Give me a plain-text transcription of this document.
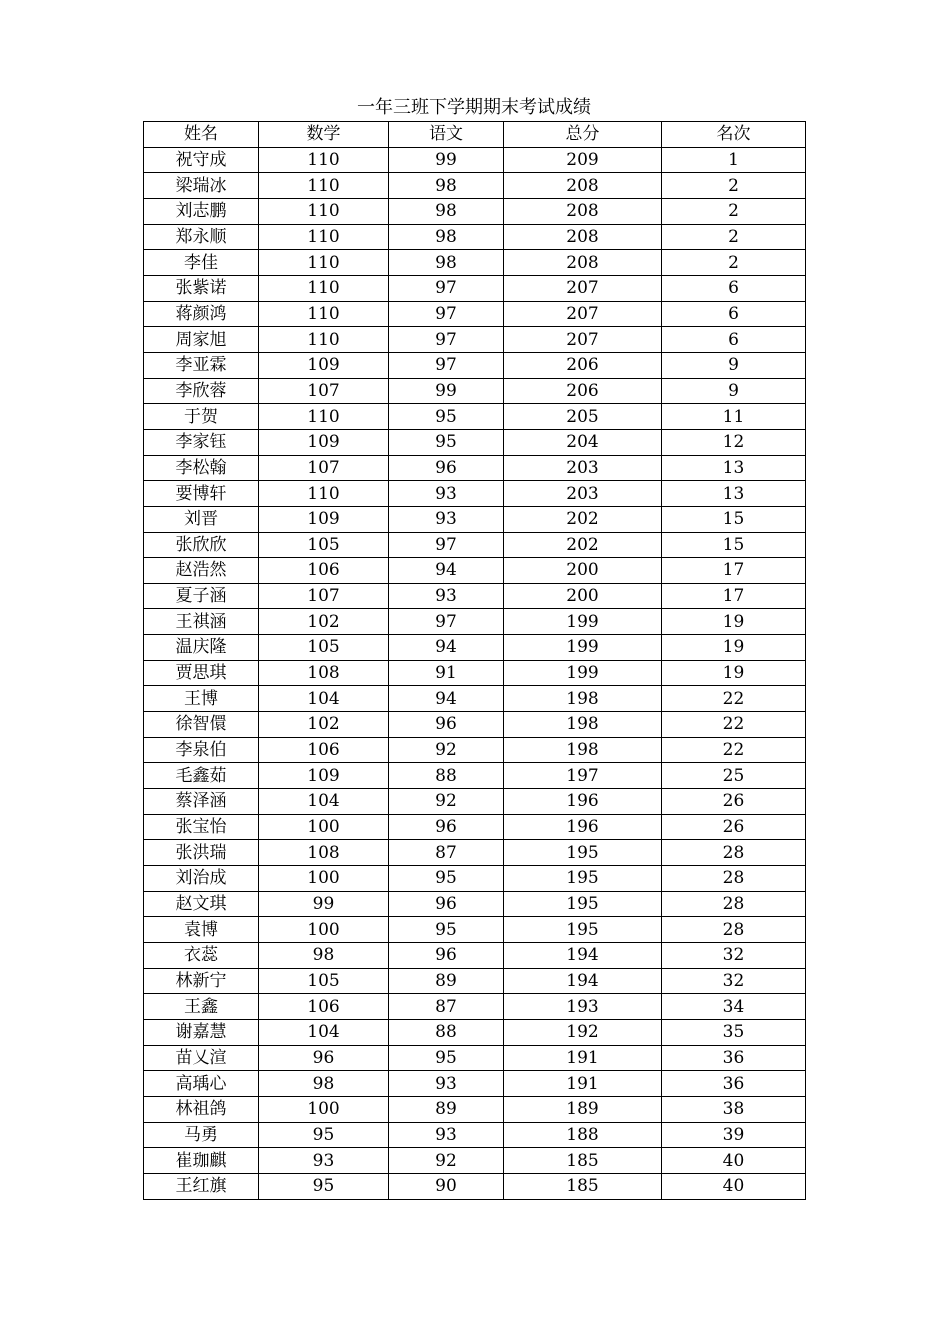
一年三班下学期期末考试成绩
姓名	数学	语文	总分	名次
祝守成	110	99	209	1
梁瑞冰	110	98	208	2
刘志鹏	110	98	208	2
郑永顺	110	98	208	2
李佳	110	98	208	2
张紫诺	110	97	207	6
蒋颜鸿	110	97	207	6
周家旭	110	97	207	6
李亚霖	109	97	206	9
李欣蓉	107	99	206	9
于贺	110	95	205	11
李家钰	109	95	204	12
李松翰	107	96	203	13
要博轩	110	93	203	13
刘晋	109	93	202	15
张欣欣	105	97	202	15
赵浩然	106	94	200	17
夏子涵	107	93	200	17
王祺涵	102	97	199	19
温庆隆	105	94	199	19
贾思琪	108	91	199	19
王博	104	94	198	22
徐智儇	102	96	198	22
李泉伯	106	92	198	22
毛鑫茹	109	88	197	25
蔡泽涵	104	92	196	26
张宝怡	100	96	196	26
张洪瑞	108	87	195	28
刘治成	100	95	195	28
赵文琪	99	96	195	28
袁博	100	95	195	28
衣蕊	98	96	194	32
林新宁	105	89	194	32
王鑫	106	87	193	34
谢嘉慧	104	88	192	35
苗乂渲	96	95	191	36
高瑀心	98	93	191	36
林祖鸽	100	89	189	38
马勇	95	93	188	39
崔珈麒	93	92	185	40
王红旗	95	90	185	40
